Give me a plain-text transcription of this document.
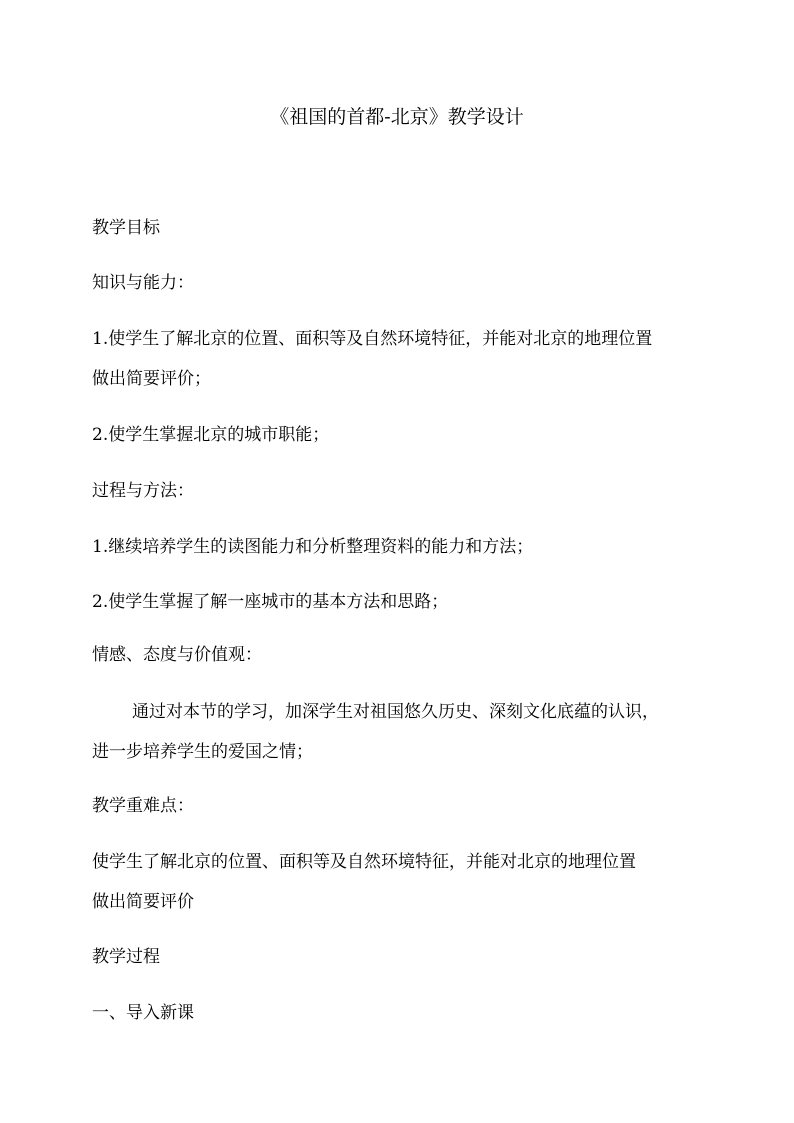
《祖国的首都-北京》教学设计
教学目标
知识与能力：
1.使学生了解北京的位置、面积等及自然环境特征，并能对北京的地理位置
做出简要评价；
2.使学生掌握北京的城市职能；
过程与方法：
1.继续培养学生的读图能力和分析整理资料的能力和方法；
2.使学生掌握了解一座城市的基本方法和思路；
情感、态度与价值观：
通过对本节的学习，加深学生对祖国悠久历史、深刻文化底蕴的认识，
进一步培养学生的爱国之情；
教学重难点：
使学生了解北京的位置、面积等及自然环境特征，并能对北京的地理位置
做出简要评价
教学过程
一、导入新课
